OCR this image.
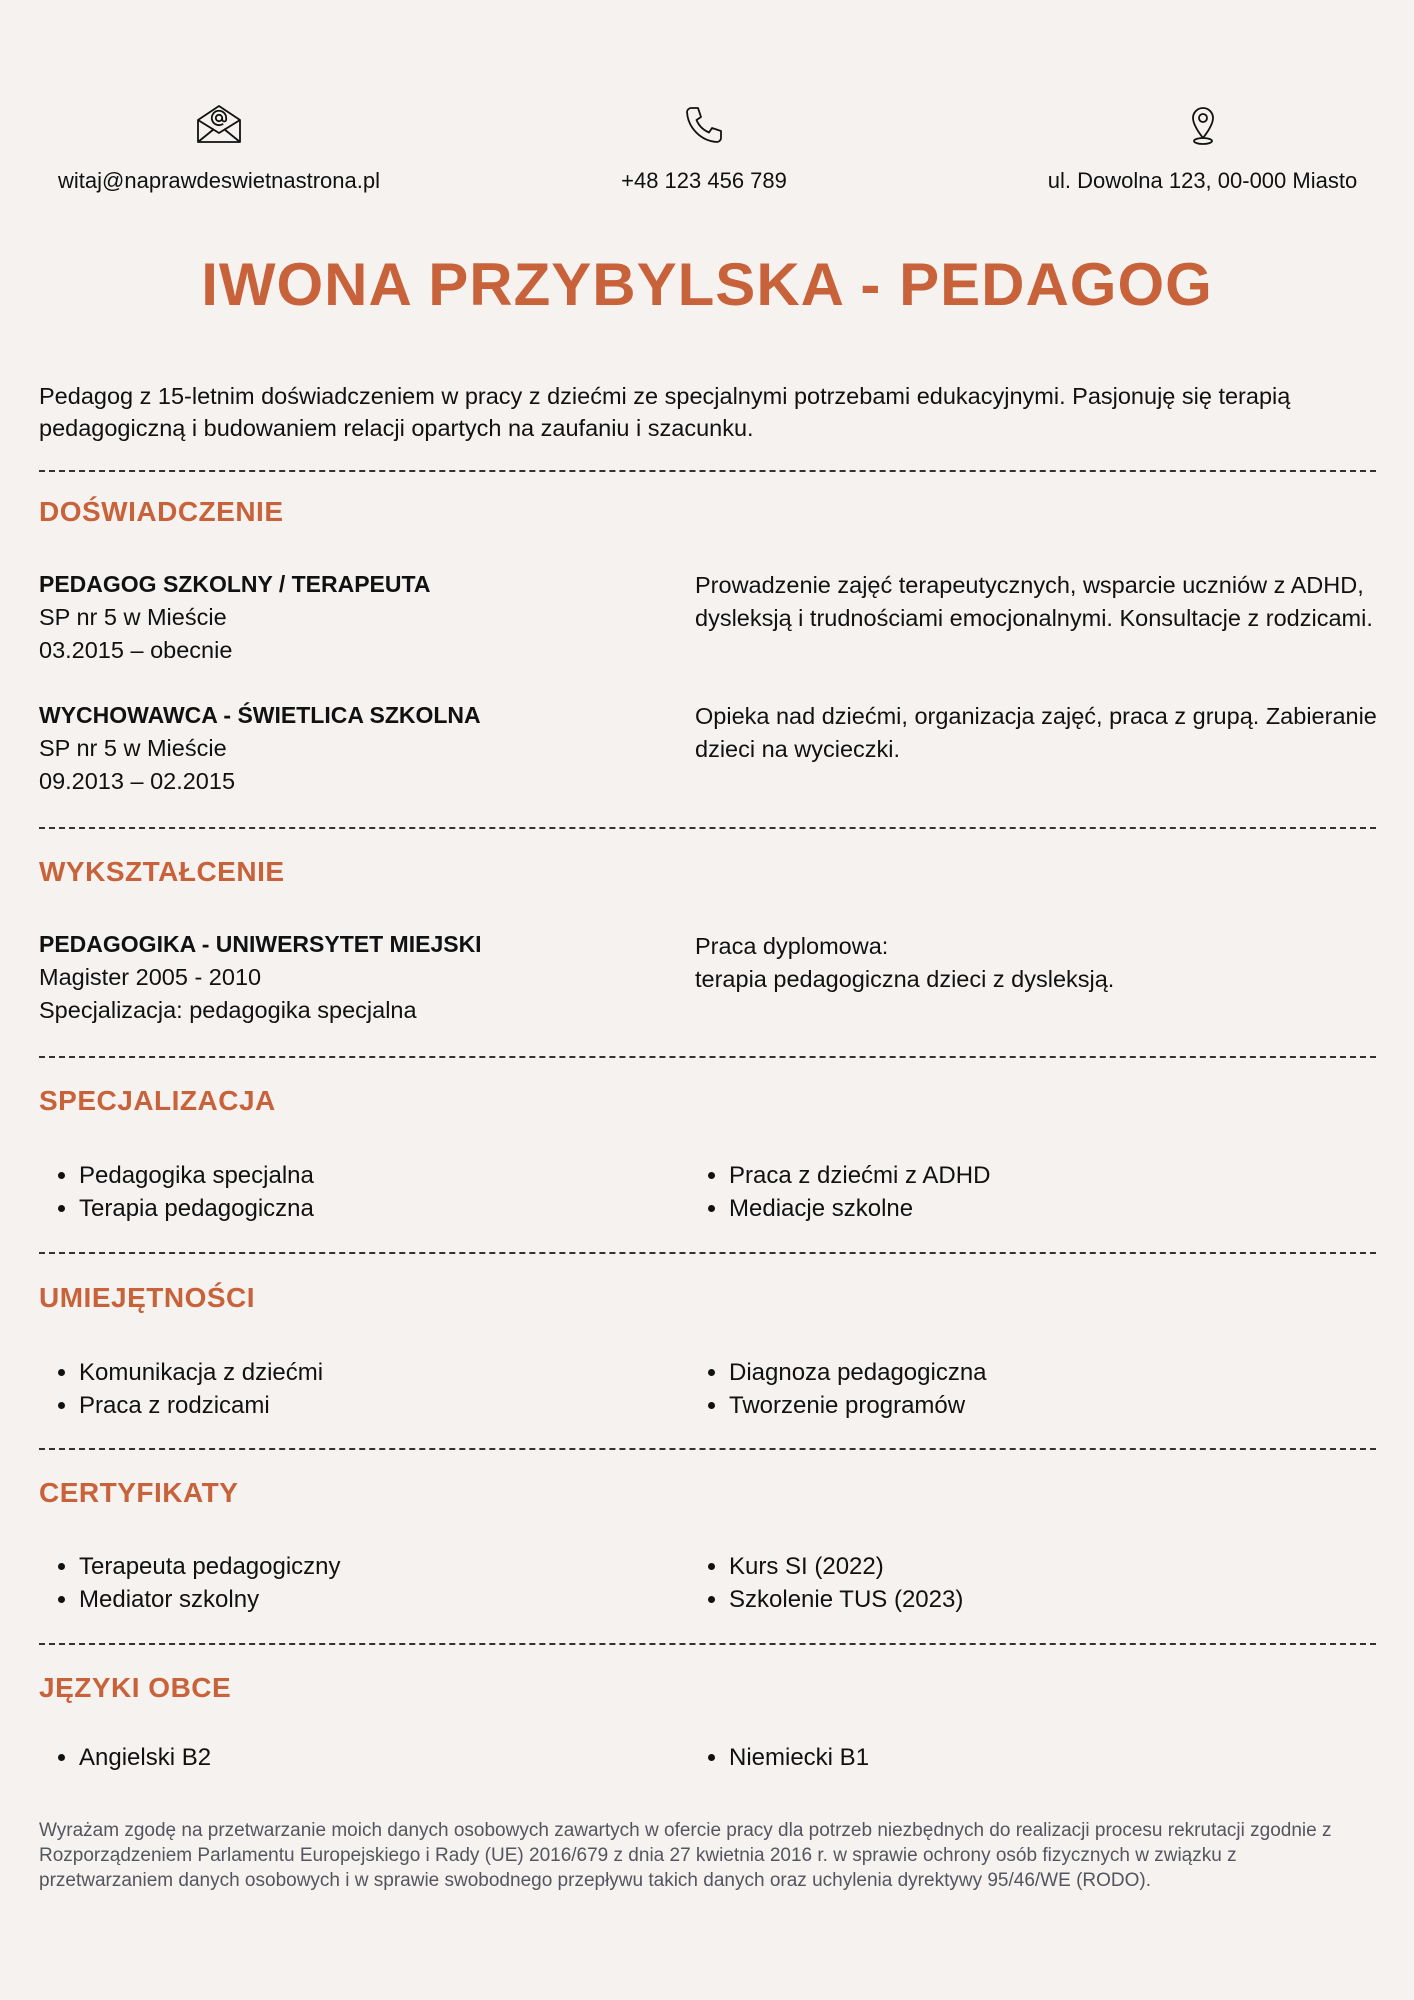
witaj@naprawdeswietnastrona.pl	+48 123 456 789	ul. Dowolna 123, 00-000 Miasto
IWONA PRZYBYLSKA - PEDAGOG

Pedagog z 15-letnim doświadczeniem w pracy z dziećmi ze specjalnymi potrzebami edukacyjnymi. Pasjonuję się terapią pedagogiczną i budowaniem relacji opartych na zaufaniu i szacunku.

DOŚWIADCZENIE
PEDAGOG SZKOLNY / TERAPEUTA
SP nr 5 w Mieście
03.2015 – obecnie
Prowadzenie zajęć terapeutycznych, wsparcie uczniów z ADHD, dysleksją i trudnościami emocjonalnymi. Konsultacje z rodzicami.
WYCHOWAWCA - ŚWIETLICA SZKOLNA
SP nr 5 w Mieście
09.2013 – 02.2015
Opieka nad dziećmi, organizacja zajęć, praca z grupą. Zabieranie dzieci na wycieczki.
WYKSZTAŁCENIE
PEDAGOGIKA - UNIWERSYTET MIEJSKI
Magister 2005 - 2010
Specjalizacja: pedagogika specjalna
Praca dyplomowa:
terapia pedagogiczna dzieci z dysleksją.
SPECJALIZACJA
• Pedagogika specjalna
• Terapia pedagogiczna
• Praca z dziećmi z ADHD
• Mediacje szkolne
UMIEJĘTNOŚCI
• Komunikacja z dziećmi
• Praca z rodzicami
• Diagnoza pedagogiczna
• Tworzenie programów
CERTYFIKATY
• Terapeuta pedagogiczny
• Mediator szkolny
• Kurs SI (2022)
• Szkolenie TUS (2023)
JĘZYKI OBCE
• Angielski B2
•	Niemiecki B1

Wyrażam zgodę na przetwarzanie moich danych osobowych zawartych w ofercie pracy dla potrzeb niezbędnych do realizacji procesu rekrutacji zgodnie z Rozporządzeniem Parlamentu Europejskiego i Rady (UE) 2016/679 z dnia 27 kwietnia 2016 r. w sprawie ochrony osób fizycznych w związku z przetwarzaniem danych osobowych i w sprawie swobodnego przepływu takich danych oraz uchylenia dyrektywy 95/46/WE (RODO).
